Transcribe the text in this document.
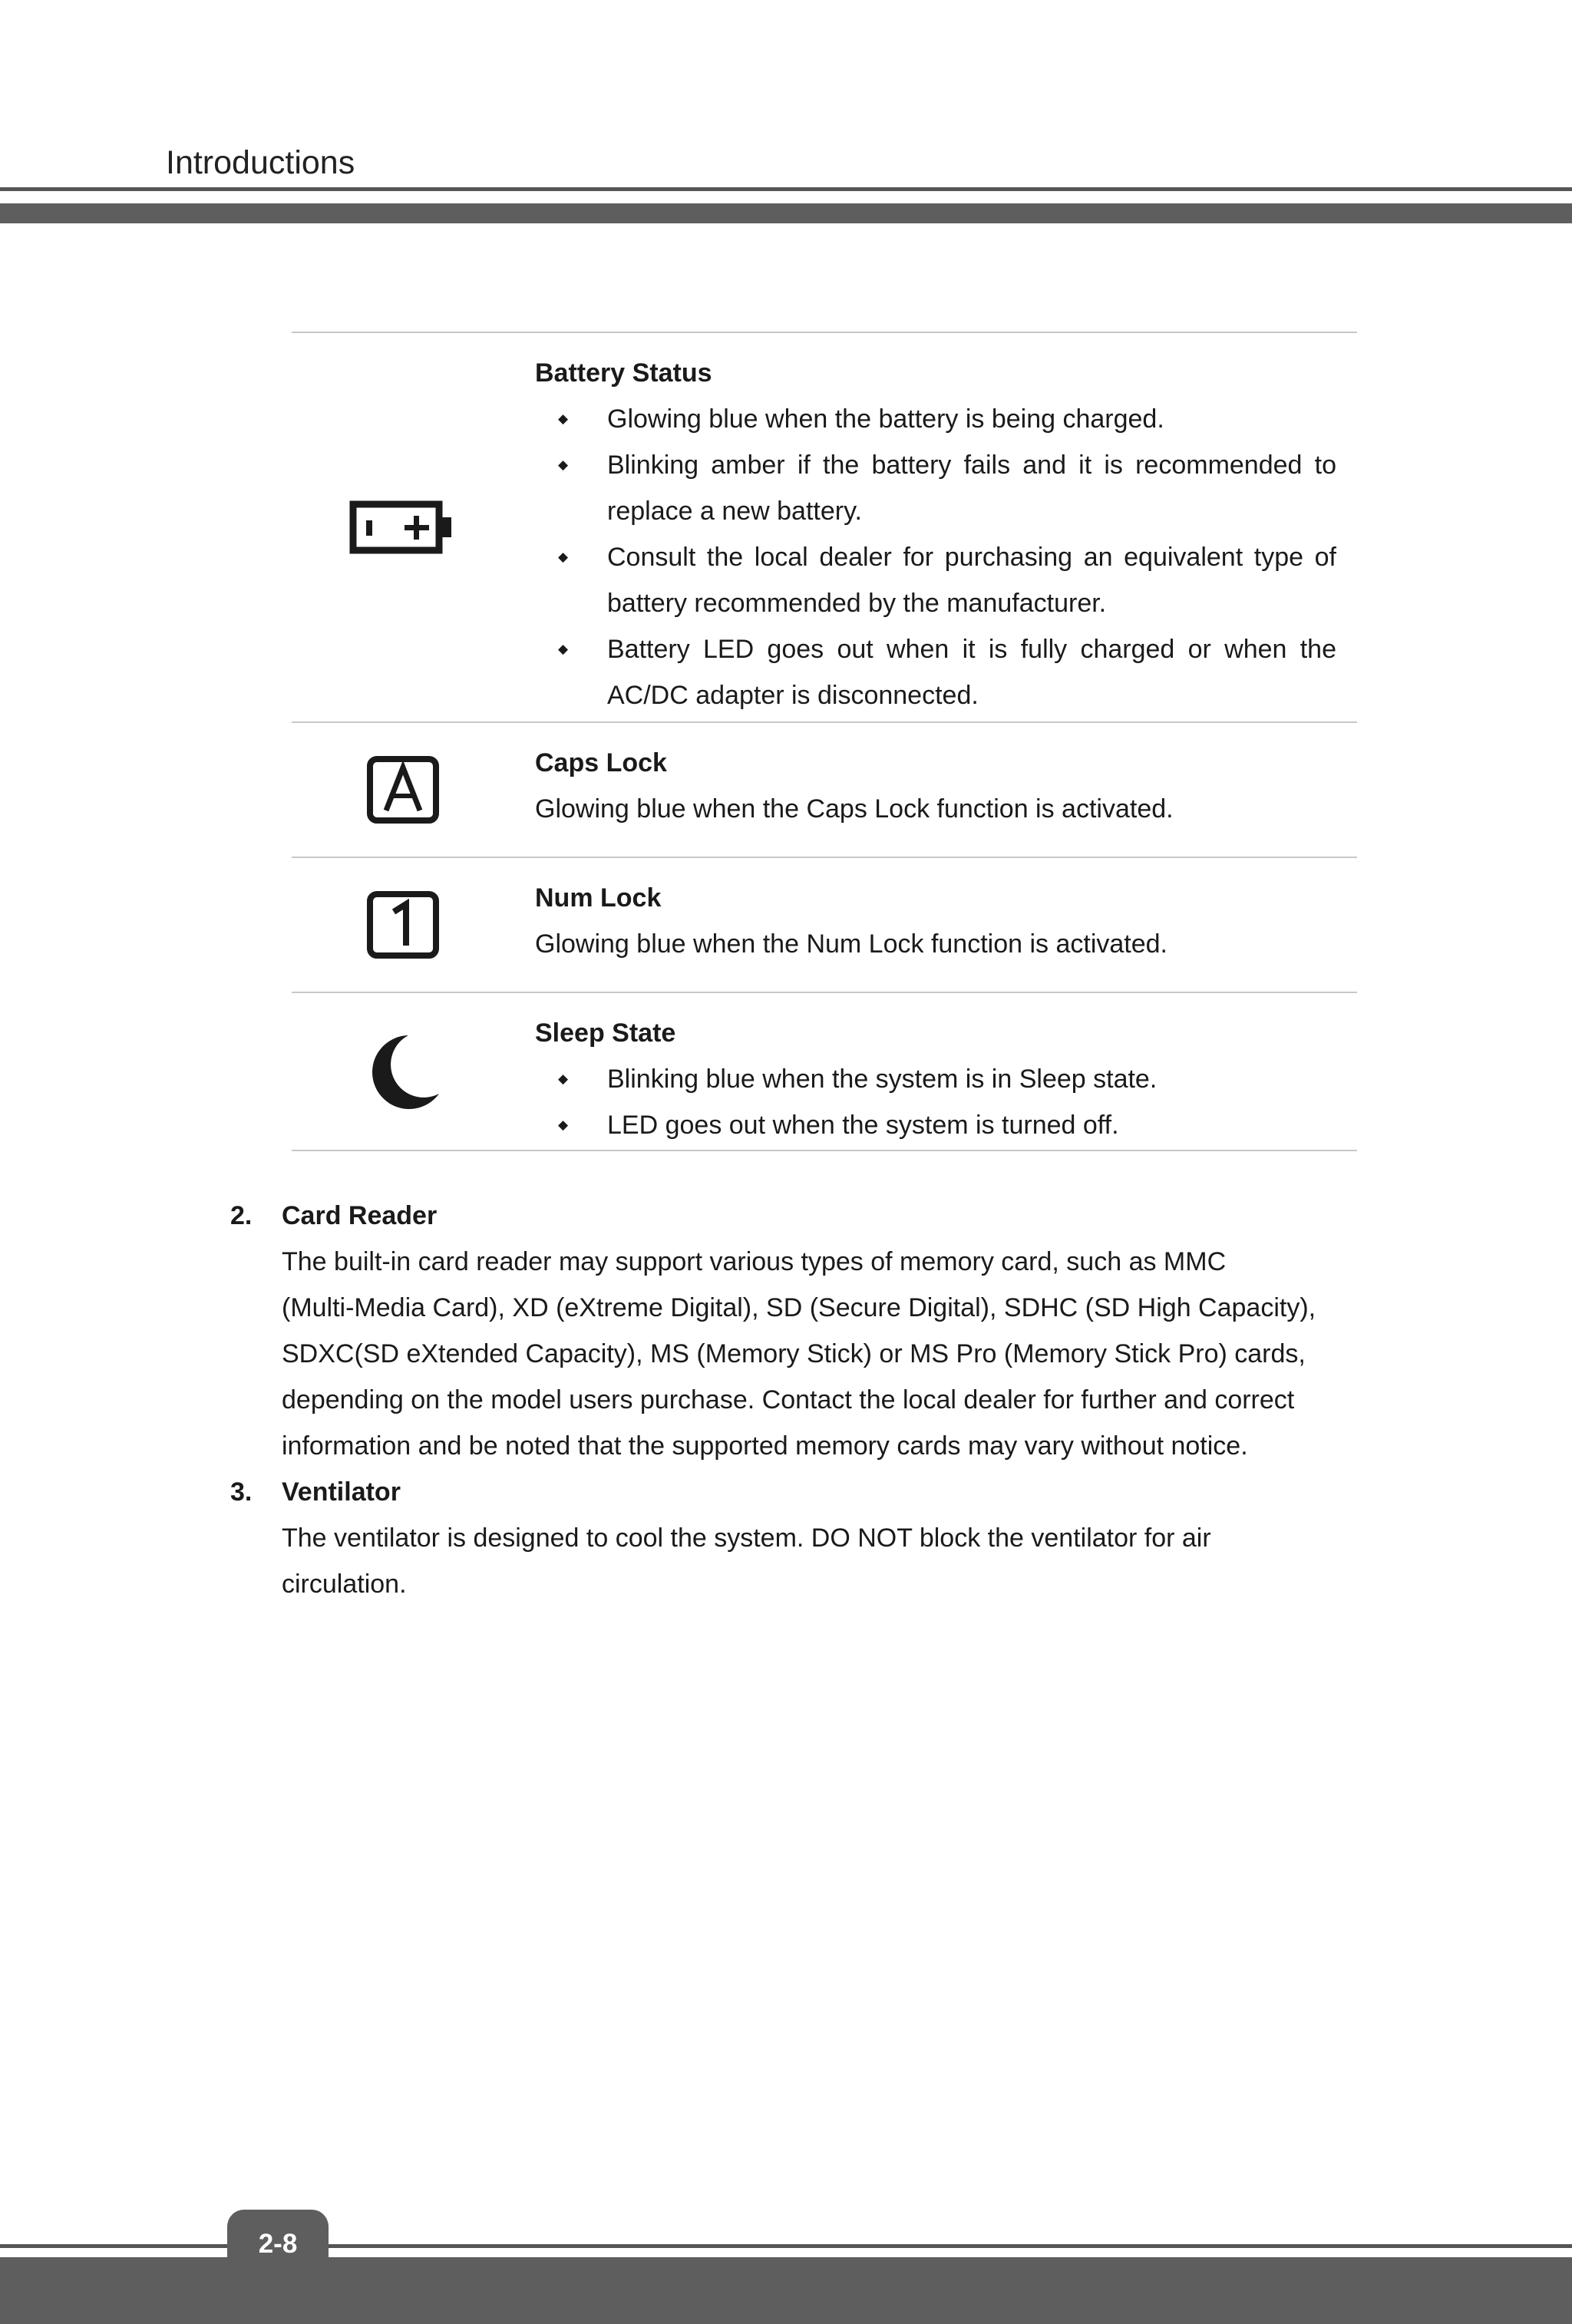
Introductions
Battery Status
◆ Glowing blue when the battery is being charged.
◆ Blinking amber if the battery fails and it is recommended to replace a new battery.
◆ Consult the local dealer for purchasing an equivalent type of battery recommended by the manufacturer.
◆ Battery LED goes out when it is fully charged or when the AC/DC adapter is disconnected.
Caps Lock
Glowing blue when the Caps Lock function is activated.
Num Lock
Glowing blue when the Num Lock function is activated.
Sleep State
◆ Blinking blue when the system is in Sleep state.
◆ LED goes out when the system is turned off.
2. Card Reader
The built-in card reader may support various types of memory card, such as MMC
(Multi-Media Card), XD (eXtreme Digital), SD (Secure Digital), SDHC (SD High Capacity),
SDXC(SD eXtended Capacity), MS (Memory Stick) or MS Pro (Memory Stick Pro) cards,
depending on the model users purchase. Contact the local dealer for further and correct
information and be noted that the supported memory cards may vary without notice.
3. Ventilator
The ventilator is designed to cool the system. DO NOT block the ventilator for air
circulation.
2-8
